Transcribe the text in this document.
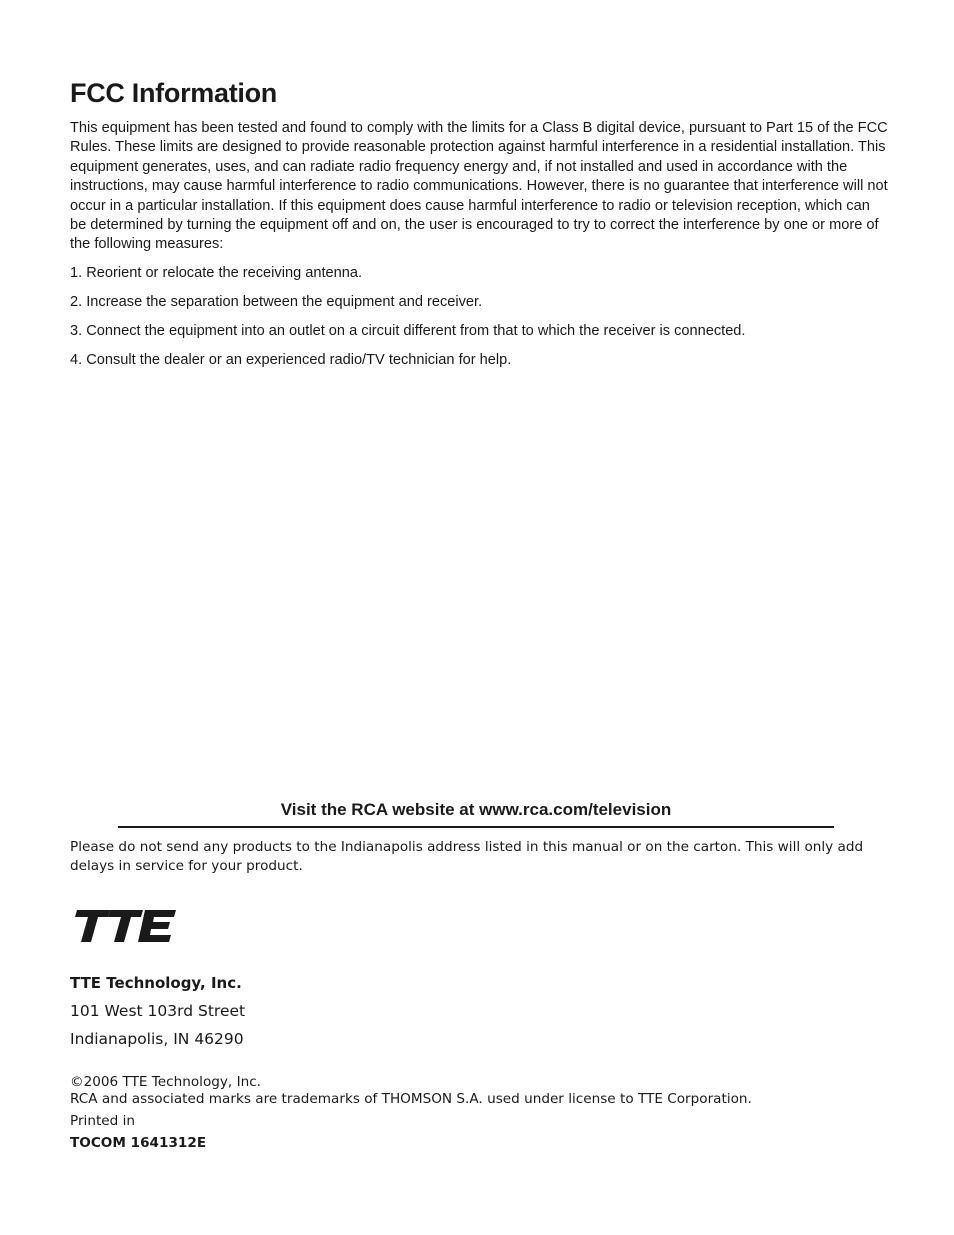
FCC Information

This equipment has been tested and found to comply with the limits for a Class B digital device, pursuant to Part 15 of the FCC Rules. These limits are designed to provide reasonable protection against harmful interference in a residential installation. This equipment generates, uses, and can radiate radio frequency energy and, if not installed and used in accordance with the instructions, may cause harmful interference to radio communications. However, there is no guarantee that interference will not occur in a particular installation. If this equipment does cause harmful interference to radio or television reception, which can be determined by turning the equipment off and on, the user is encouraged to try to correct the interference by one or more of the following measures:

1. Reorient or relocate the receiving antenna.
2. Increase the separation between the equipment and receiver.
3. Connect the equipment into an outlet on a circuit different from that to which the receiver is connected.
4. Consult the dealer or an experienced radio/TV technician for help.
Visit the RCA website at www.rca.com/television

Please do not send any products to the Indianapolis address listed in this manual or on the carton. This will only add delays in service for your product.

TTE Technology, Inc.
101 West 103rd Street
Indianapolis, IN 46290
©2006 TTE Technology, Inc.
RCA and associated marks are trademarks of THOMSON S.A. used under license to TTE Corporation.
Printed in
TOCOM 1641312E
